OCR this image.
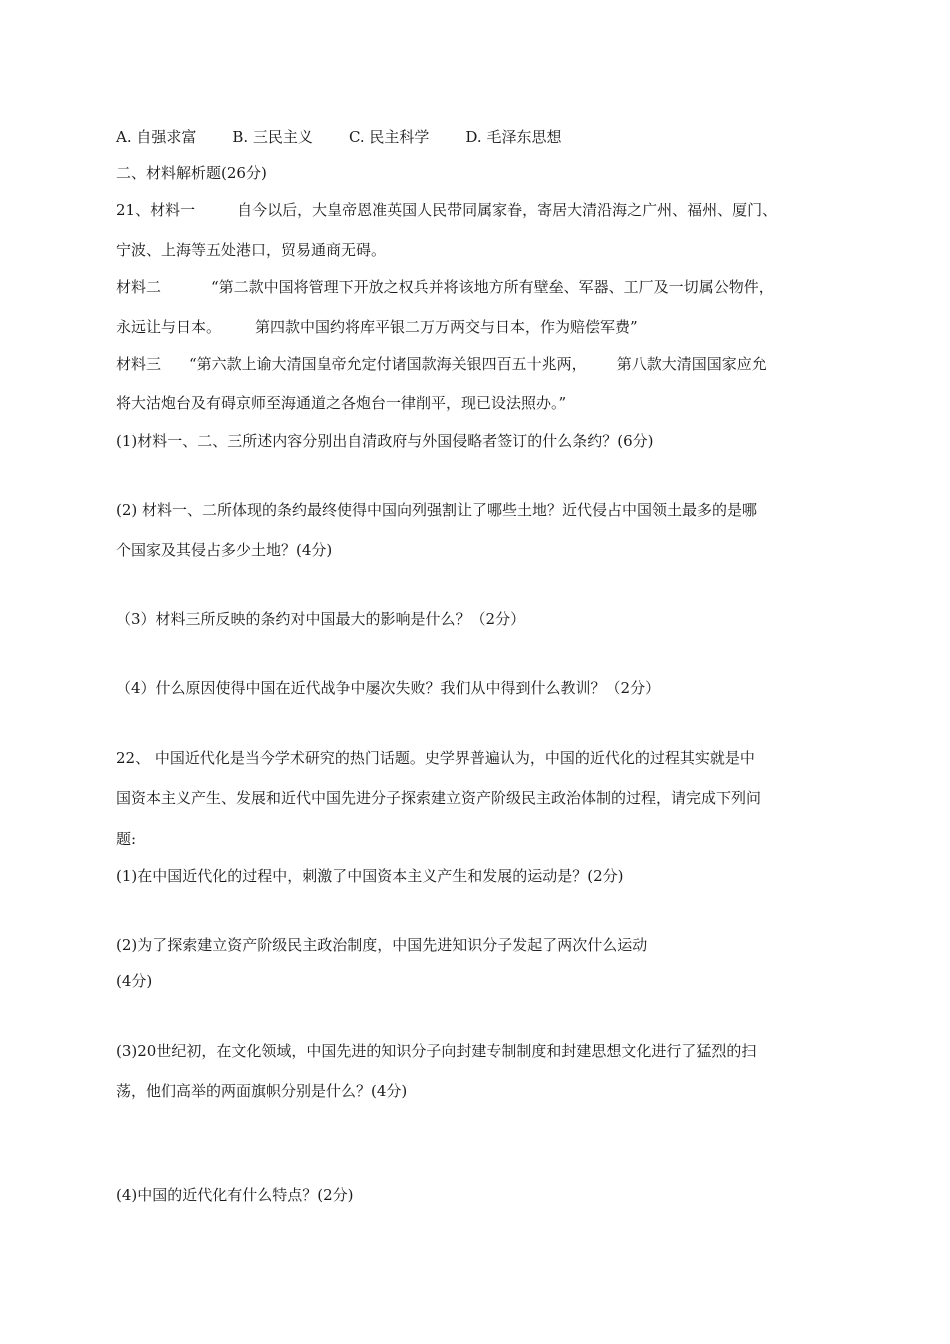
A. 自强求富 B. 三民主义 C. 民主科学 D. 毛泽东思想
二、材料解析题(26分)
21、材料一	自今以后，大皇帝恩准英国人民带同属家眷，寄居大清沿海之广州、福州、厦门、
宁波、上海等五处港口，贸易通商无碍。
材料二	“第二款中国将管理下开放之权兵并将该地方所有壁垒、军器、工厂及一切属公物件，
永远让与日本。 第四款中国约将库平银二万万两交与日本，作为赔偿军费”
材料三 “第六款上谕大清国皇帝允定付诸国款海关银四百五十兆两， 第八款大清国国家应允
将大沽炮台及有碍京师至海通道之各炮台一律削平，现已设法照办。”
(1)材料一、二、三所述内容分别出自清政府与外国侵略者签订的什么条约？(6分)
(2) 材料一、二所体现的条约最终使得中国向列强割让了哪些土地？近代侵占中国领土最多的是哪
个国家及其侵占多少土地？(4分)
（3）材料三所反映的条约对中国最大的影响是什么？（2分）
（4）什么原因使得中国在近代战争中屡次失败？我们从中得到什么教训？（2分）
22、 中国近代化是当今学术研究的热门话题。史学界普遍认为，中国的近代化的过程其实就是中
国资本主义产生、发展和近代中国先进分子探索建立资产阶级民主政治体制的过程，请完成下列问
题:
(1)在中国近代化的过程中，刺激了中国资本主义产生和发展的运动是？(2分)
(2)为了探索建立资产阶级民主政治制度，中国先进知识分子发起了两次什么运动
(4分)
(3)20世纪初，在文化领域，中国先进的知识分子向封建专制制度和封建思想文化进行了猛烈的扫
荡，他们高举的两面旗帜分别是什么？(4分)
(4)中国的近代化有什么特点？(2分)
